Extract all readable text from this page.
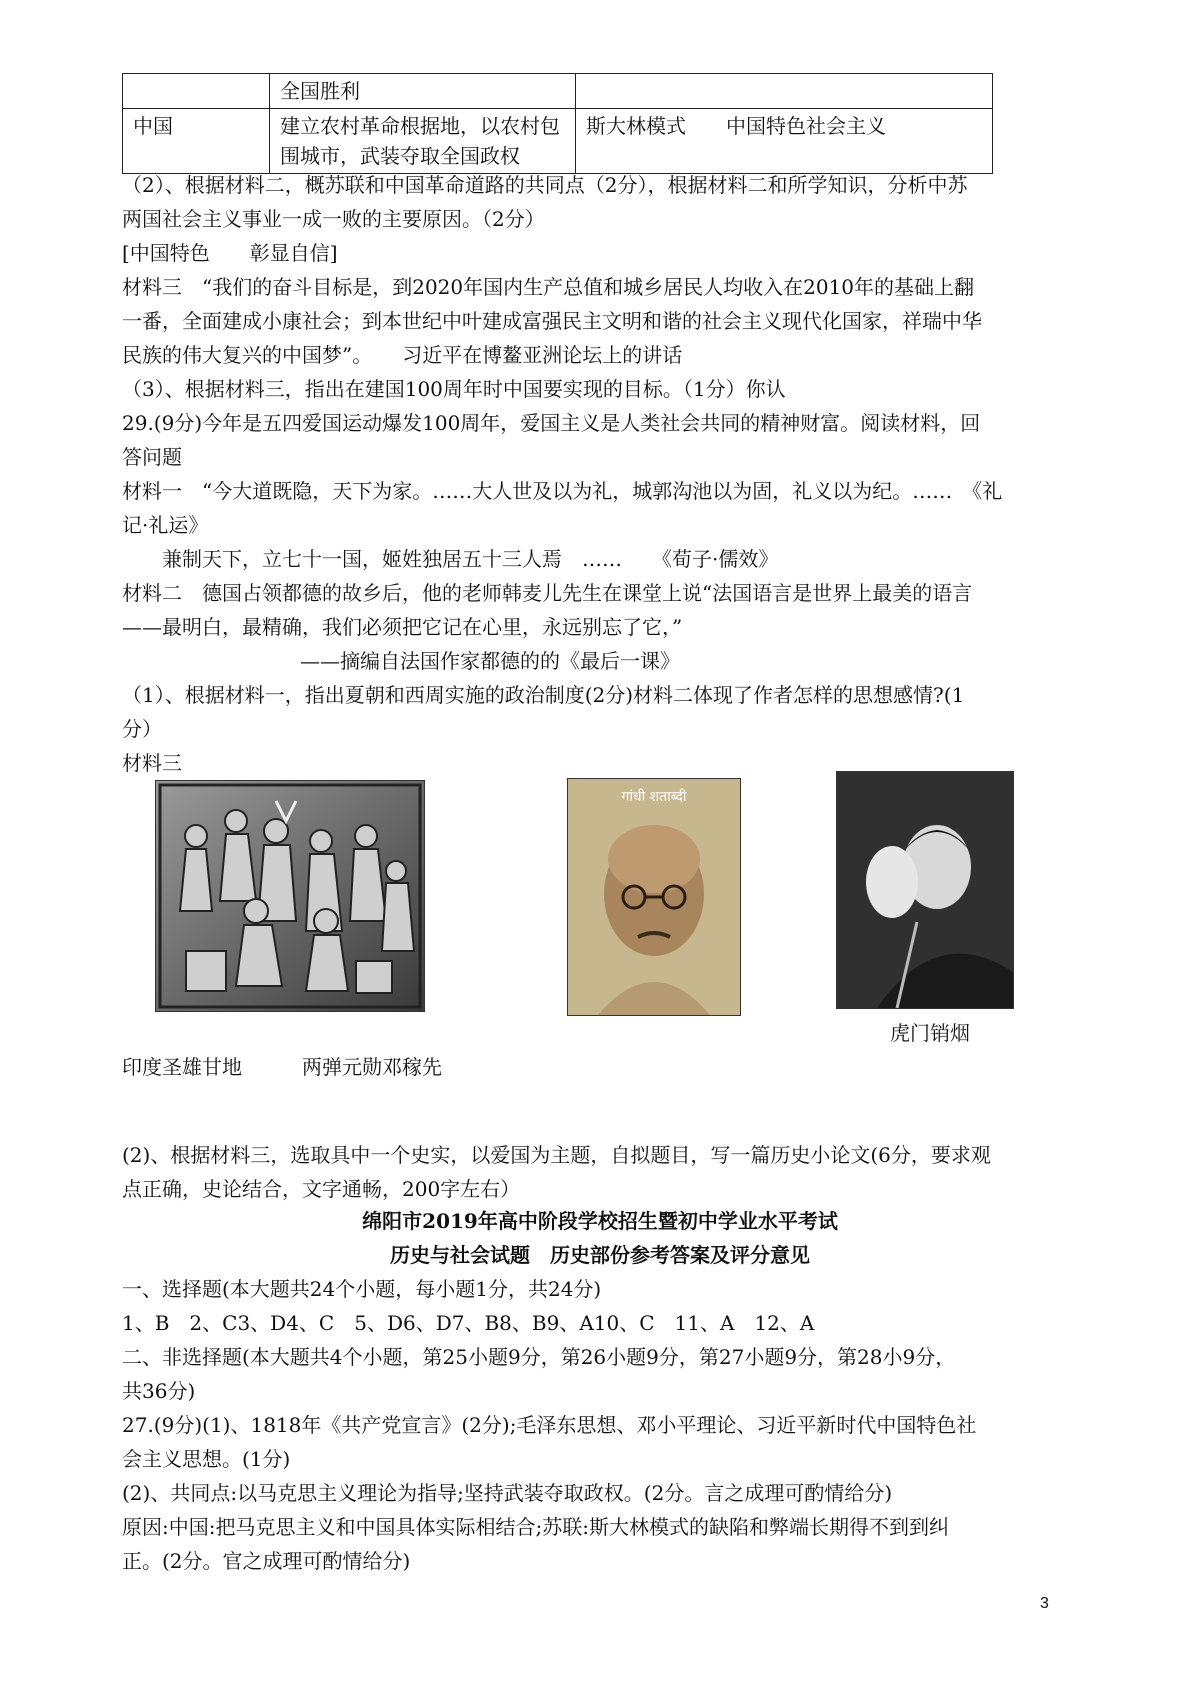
	全国胜利	
中国	建立农村革命根据地，以农村包围城市，武装夺取全国政权	斯大林模式　　中国特色社会主义
（2）、根据材料二，概苏联和中国革命道路的共同点（2分），根据材料二和所学知识，分析中苏
两国社会主义事业一成一败的主要原因。（2分）
[中国特色　　彰显自信]
材料三　“我们的奋斗目标是，到2020年国内生产总值和城乡居民人均收入在2010年的基础上翻
一番，全面建成小康社会；到本世纪中叶建成富强民主文明和谐的社会主义现代化国家，祥瑞中华
民族的伟大复兴的中国梦”。　　习近平在博鳌亚洲论坛上的讲话
（3）、根据材料三，指出在建国100周年时中国要实现的目标。（1分）你认
29.(9分)今年是五四爱国运动爆发100周年，爱国主义是人类社会共同的精神财富。阅读材料，回
答问题
材料一　“今大道既隐，天下为家。……大人世及以为礼，城郭沟池以为固，礼义以为纪。……　《礼
记·礼运》
兼制天下，立七十一国，姬姓独居五十三人焉　……　　《荀子·儒效》
材料二　德国占领都德的故乡后，他的老师韩麦儿先生在课堂上说“法国语言是世界上最美的语言
——最明白，最精确，我们必须把它记在心里，永远别忘了它，”
——摘编自法国作家都德的的《最后一课》
（1）、根据材料一，指出夏朝和西周实施的政治制度(2分)材料二体现了作者怎样的思想感情?(1
分）
材料三
गांधी शताब्दी
虎门销烟
印度圣雄甘地　　　两弹元勋邓稼先
(2)、根据材料三，选取具中一个史实，以爱国为主题，自拟题目，写一篇历史小论文(6分，要求观
点正确，史论结合，文字通畅，200字左右）
绵阳市2019年高中阶段学校招生暨初中学业水平考试
历史与社会试题　历史部份参考答案及评分意见
一、选择题(本大题共24个小题，每小题1分，共24分)
1、B　2、C3、D4、C　5、D6、D7、B8、B9、A10、C　11、A　12、A
二、非选择题(本大题共4个小题，第25小题9分，第26小题9分，第27小题9分，第28小9分，
共36分)
27.(9分)(1)、1818年《共产党宣言》(2分);毛泽东思想、邓小平理论、习近平新时代中国特色社
会主义思想。(1分)
(2)、共同点:以马克思主义理论为指导;坚持武装夺取政权。(2分。言之成理可酌情给分)
原因:中国:把马克思主义和中国具体实际相结合;苏联:斯大林模式的缺陷和弊端长期得不到到纠
正。(2分。官之成理可酌情给分)
3
